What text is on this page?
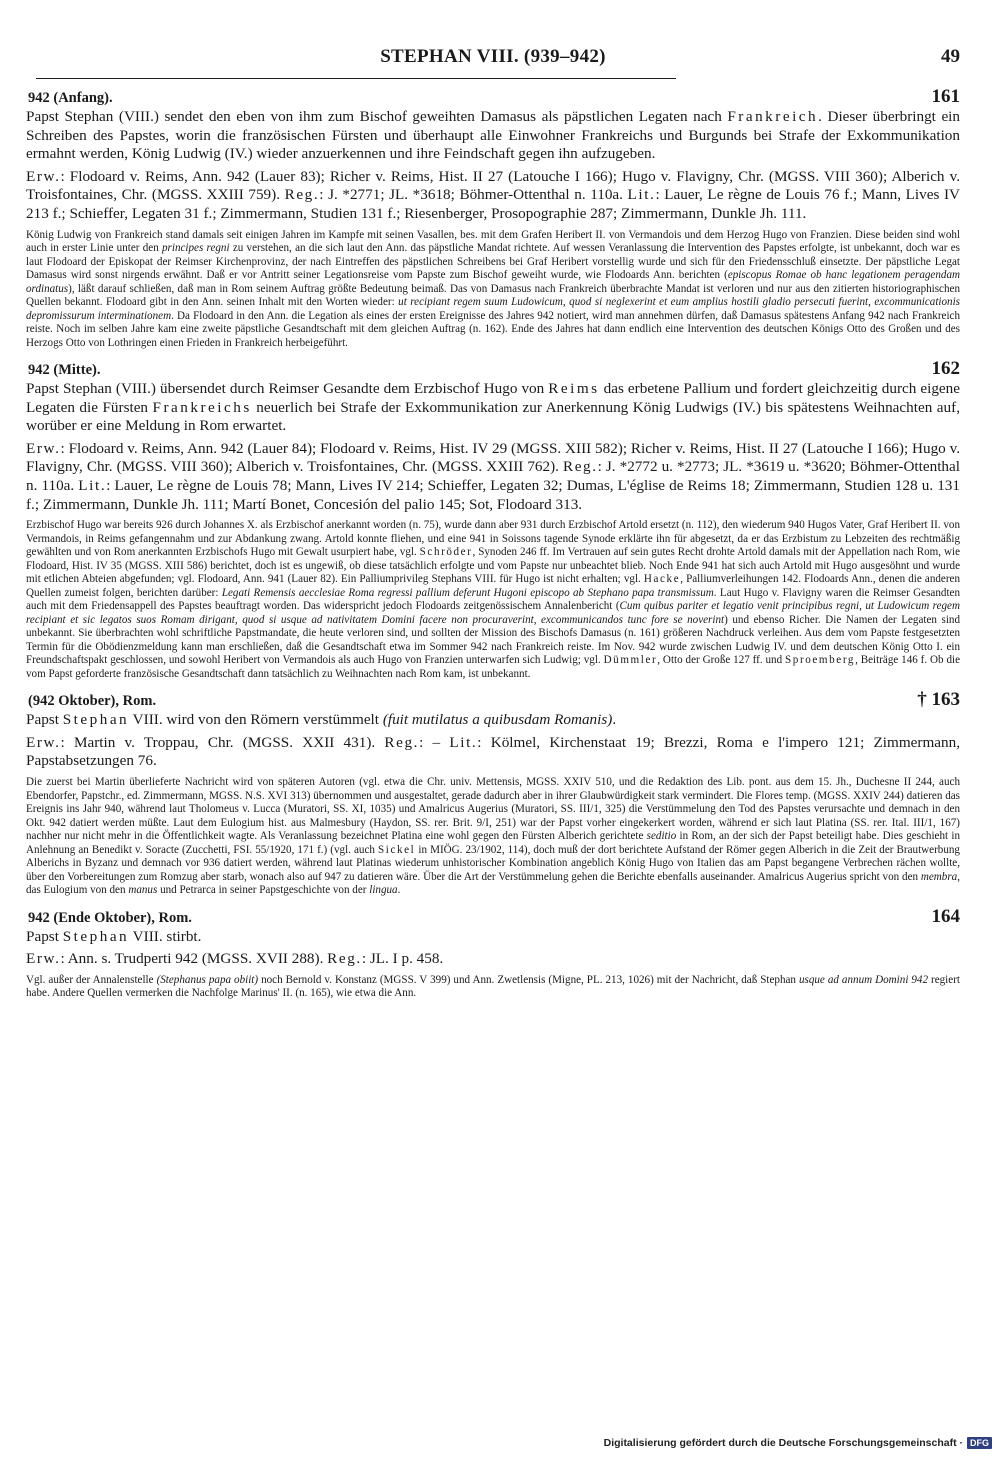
STEPHAN VIII. (939–942)	49
942 (Anfang).	161

Papst Stephan (VIII.) sendet den eben von ihm zum Bischof geweihten Damasus als päpstlichen Legaten nach Frankreich. Dieser überbringt ein Schreiben des Papstes, worin die französischen Fürsten und überhaupt alle Einwohner Frankreichs und Burgunds bei Strafe der Exkommunikation ermahnt werden, König Ludwig (IV.) wieder anzuerkennen und ihre Feindschaft gegen ihn aufzugeben.

Erw.: Flodoard v. Reims, Ann. 942 (Lauer 83); Richer v. Reims, Hist. II 27 (Latouche I 166); Hugo v. Flavigny, Chr. (MGSS. VIII 360); Alberich v. Troisfontaines, Chr. (MGSS. XXIII 759). Reg.: J. *2771; JL. *3618; Böhmer-Ottenthal n. 110a. Lit.: Lauer, Le règne de Louis 76 f.; Mann, Lives IV 213 f.; Schieffer, Legaten 31 f.; Zimmermann, Studien 131 f.; Riesenberger, Prosopographie 287; Zimmermann, Dunkle Jh. 111.

König Ludwig von Frankreich stand damals seit einigen Jahren im Kampfe mit seinen Vasallen, bes. mit dem Grafen Heribert II. von Vermandois und dem Herzog Hugo von Franzien. Diese beiden sind wohl auch in erster Linie unter den principes regni zu verstehen, an die sich laut den Ann. das päpstliche Mandat richtete. Auf wessen Veranlassung die Intervention des Papstes erfolgte, ist unbekannt, doch war es laut Flodoard der Episkopat der Reimser Kirchenprovinz, der nach Eintreffen des päpstlichen Schreibens bei Graf Heribert vorstellig wurde und sich für den Friedensschluß einsetzte. Der päpstliche Legat Damasus wird sonst nirgends erwähnt. Daß er vor Antritt seiner Legationsreise vom Papste zum Bischof geweiht wurde, wie Flodoards Ann. berichten (episcopus Romae ob hanc legationem peragendam ordinatus), läßt darauf schließen, daß man in Rom seinem Auftrag größte Bedeutung beimaß. Das von Damasus nach Frankreich überbrachte Mandat ist verloren und nur aus den zitierten historiographischen Quellen bekannt. Flodoard gibt in den Ann. seinen Inhalt mit den Worten wieder: ut recipiant regem suum Ludowicum, quod si neglexerint et eum amplius hostili gladio persecuti fuerint, excommunicationis depromissurum interminationem. Da Flodoard in den Ann. die Legation als eines der ersten Ereignisse des Jahres 942 notiert, wird man annehmen dürfen, daß Damasus spätestens Anfang 942 nach Frankreich reiste. Noch im selben Jahre kam eine zweite päpstliche Gesandtschaft mit dem gleichen Auftrag (n. 162). Ende des Jahres hat dann endlich eine Intervention des deutschen Königs Otto des Großen und des Herzogs Otto von Lothringen einen Frieden in Frankreich herbeigeführt.

942 (Mitte).	162

Papst Stephan (VIII.) übersendet durch Reimser Gesandte dem Erzbischof Hugo von Reims das erbetene Pallium und fordert gleichzeitig durch eigene Legaten die Fürsten Frankreichs neuerlich bei Strafe der Exkommunikation zur Anerkennung König Ludwigs (IV.) bis spätestens Weihnachten auf, worüber er eine Meldung in Rom erwartet.

Erw.: Flodoard v. Reims, Ann. 942 (Lauer 84); Flodoard v. Reims, Hist. IV 29 (MGSS. XIII 582); Richer v. Reims, Hist. II 27 (Latouche I 166); Hugo v. Flavigny, Chr. (MGSS. VIII 360); Alberich v. Troisfontaines, Chr. (MGSS. XXIII 762). Reg.: J. *2772 u. *2773; JL. *3619 u. *3620; Böhmer-Ottenthal n. 110a. Lit.: Lauer, Le règne de Louis 78; Mann, Lives IV 214; Schieffer, Legaten 32; Dumas, L'église de Reims 18; Zimmermann, Studien 128 u. 131 f.; Zimmermann, Dunkle Jh. 111; Martí Bonet, Concesión del palio 145; Sot, Flodoard 313.

Erzbischof Hugo war bereits 926 durch Johannes X. als Erzbischof anerkannt worden (n. 75), wurde dann aber 931 durch Erzbischof Artold ersetzt (n. 112), den wiederum 940 Hugos Vater, Graf Heribert II. von Vermandois, in Reims gefangennahm und zur Abdankung zwang. Artold konnte fliehen, und eine 941 in Soissons tagende Synode erklärte ihn für abgesetzt, da er das Erzbistum zu Lebzeiten des rechtmäßig gewählten und von Rom anerkannten Erzbischofs Hugo mit Gewalt usurpiert habe, vgl. Schröder, Synoden 246 ff. Im Vertrauen auf sein gutes Recht drohte Artold damals mit der Appellation nach Rom, wie Flodoard, Hist. IV 35 (MGSS. XIII 586) berichtet, doch ist es ungewiß, ob diese tatsächlich erfolgte und vom Papste nur unbeachtet blieb. Noch Ende 941 hat sich auch Artold mit Hugo ausgesöhnt und wurde mit etlichen Abteien abgefunden; vgl. Flodoard, Ann. 941 (Lauer 82). Ein Palliumprivileg Stephans VIII. für Hugo ist nicht erhalten; vgl. Hacke, Palliumverleihungen 142. Flodoards Ann., denen die anderen Quellen zumeist folgen, berichten darüber: Legati Remensis aecclesiae Roma regressi pallium deferunt Hugoni episcopo ab Stephano papa transmissum. Laut Hugo v. Flavigny waren die Reimser Gesandten auch mit dem Friedensappell des Papstes beauftragt worden. Das widerspricht jedoch Flodoards zeitgenössischem Annalenbericht (Cum quibus pariter et legatio venit principibus regni, ut Ludowicum regem recipiant et sic legatos suos Romam dirigant, quod si usque ad nativitatem Domini facere non procuraverint, excommunicandos tunc fore se noverint) und ebenso Richer. Die Namen der Legaten sind unbekannt. Sie überbrachten wohl schriftliche Papstmandate, die heute verloren sind, und sollten der Mission des Bischofs Damasus (n. 161) größeren Nachdruck verleihen. Aus dem vom Papste festgesetzten Termin für die Obödienzmeldung kann man erschließen, daß die Gesandtschaft etwa im Sommer 942 nach Frankreich reiste. Im Nov. 942 wurde zwischen Ludwig IV. und dem deutschen König Otto I. ein Freundschaftspakt geschlossen, und sowohl Heribert von Vermandois als auch Hugo von Franzien unterwarfen sich Ludwig; vgl. Dümmler, Otto der Große 127 ff. und Sproemberg, Beiträge 146 f. Ob die vom Papst geforderte französische Gesandtschaft dann tatsächlich zu Weihnachten nach Rom kam, ist unbekannt.

(942 Oktober), Rom.	† 163

Papst Stephan VIII. wird von den Römern verstümmelt (fuit mutilatus a quibusdam Romanis).

Erw.: Martin v. Troppau, Chr. (MGSS. XXII 431). Reg.: – Lit.: Kölmel, Kirchenstaat 19; Brezzi, Roma e l'impero 121; Zimmermann, Papstabsetzungen 76.

Die zuerst bei Martin überlieferte Nachricht wird von späteren Autoren (vgl. etwa die Chr. univ. Mettensis, MGSS. XXIV 510, und die Redaktion des Lib. pont. aus dem 15. Jh., Duchesne II 244, auch Ebendorfer, Papstchr., ed. Zimmermann, MGSS. N.S. XVI 313) übernommen und ausgestaltet, gerade dadurch aber in ihrer Glaubwürdigkeit stark vermindert. Die Flores temp. (MGSS. XXIV 244) datieren das Ereignis ins Jahr 940, während laut Tholomeus v. Lucca (Muratori, SS. XI, 1035) und Amalricus Augerius (Muratori, SS. III/1, 325) die Verstümmelung den Tod des Papstes verursachte und demnach in den Okt. 942 datiert werden müßte. Laut dem Eulogium hist. aus Malmesbury (Haydon, SS. rer. Brit. 9/I, 251) war der Papst vorher eingekerkert worden, während er sich laut Platina (SS. rer. Ital. III/1, 167) nachher nur nicht mehr in die Öffentlichkeit wagte. Als Veranlassung bezeichnet Platina eine wohl gegen den Fürsten Alberich gerichtete seditio in Rom, an der sich der Papst beteiligt habe. Dies geschieht in Anlehnung an Benedikt v. Soracte (Zucchetti, FSI. 55/1920, 171 f.) (vgl. auch Sickel in MIÖG. 23/1902, 114), doch muß der dort berichtete Aufstand der Römer gegen Alberich in die Zeit der Brautwerbung Alberichs in Byzanz und demnach vor 936 datiert werden, während laut Platinas wiederum unhistorischer Kombination angeblich König Hugo von Italien das am Papst begangene Verbrechen rächen wollte, über den Vorbereitungen zum Romzug aber starb, wonach also auf 947 zu datieren wäre. Über die Art der Verstümmelung gehen die Berichte ebenfalls auseinander. Amalricus Augerius spricht von den membra, das Eulogium von den manus und Petrarca in seiner Papstgeschichte von der lingua.

942 (Ende Oktober), Rom.	164

Papst Stephan VIII. stirbt.

Erw.: Ann. s. Trudperti 942 (MGSS. XVII 288). Reg.: JL. I p. 458.

Vgl. außer der Annalenstelle (Stephanus papa obiit) noch Bernold v. Konstanz (MGSS. V 399) und Ann. Zwetlensis (Migne, PL. 213, 1026) mit der Nachricht, daß Stephan usque ad annum Domini 942 regiert habe. Andere Quellen vermerken die Nachfolge Marinus' II. (n. 165), wie etwa die Ann.

Digitalisierung gefördert durch die Deutsche Forschungsgemeinschaft · DFG
